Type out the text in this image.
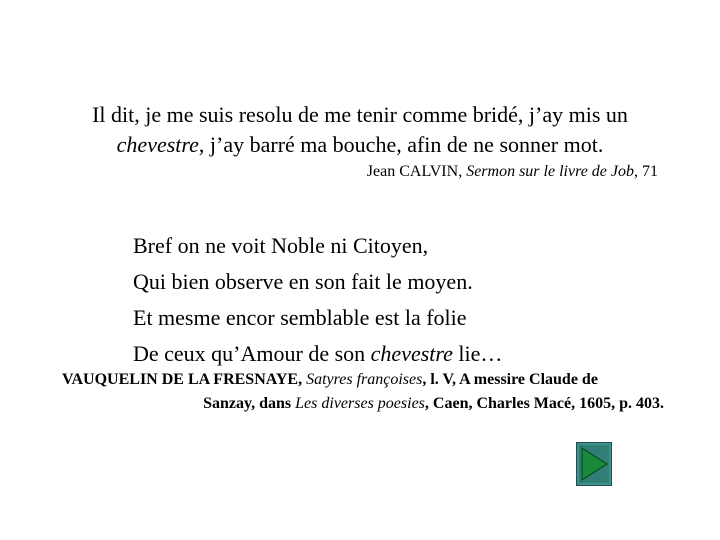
Il dit, je me suis resolu de me tenir comme bridé, j’ay mis un
chevestre, j’ay barré ma bouche, afin de ne sonner mot.
Jean CALVIN, Sermon sur le livre de Job, 71
Bref on ne voit Noble ni Citoyen,
Qui bien observe en son fait le moyen.
Et mesme encor semblable est la folie
De ceux qu’Amour de son chevestre lie…
VAUQUELIN DE LA FRESNAYE, Satyres françoises, l. V, A messire Claude de
Sanzay, dans Les diverses poesies, Caen, Charles Macé, 1605, p. 403.
